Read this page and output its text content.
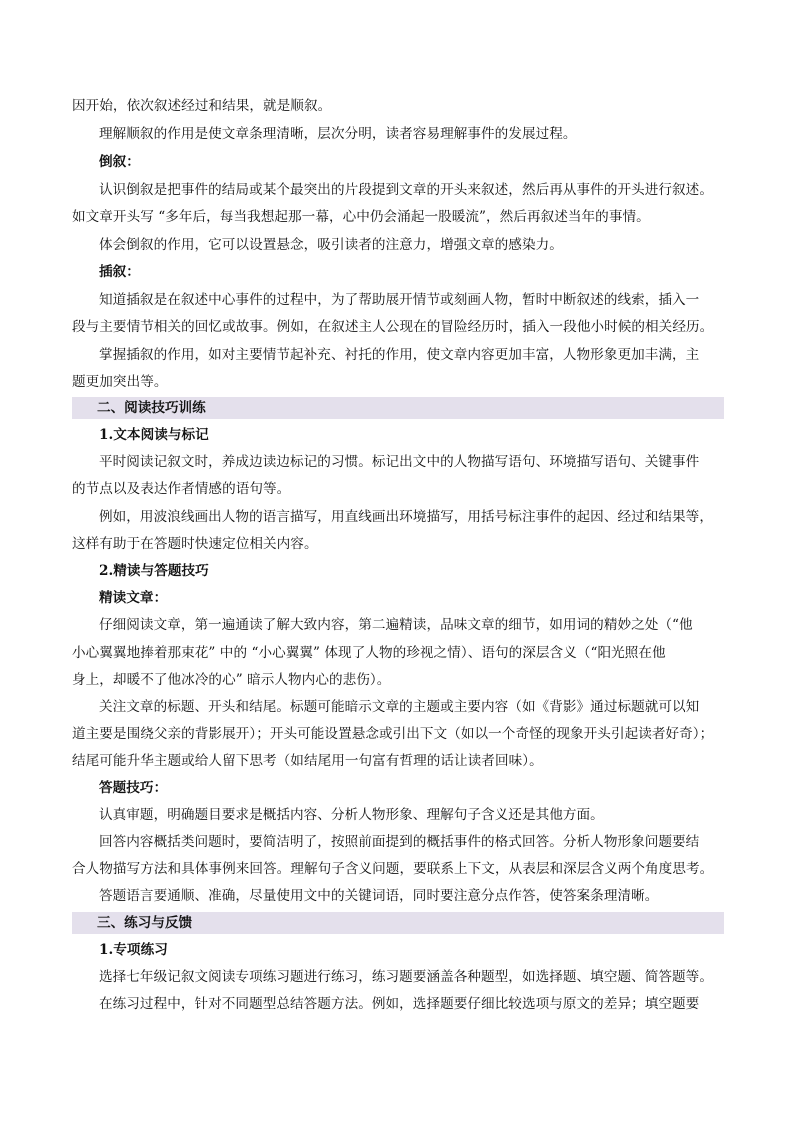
因开始，依次叙述经过和结果，就是顺叙。
理解顺叙的作用是使文章条理清晰，层次分明，读者容易理解事件的发展过程。
倒叙：
认识倒叙是把事件的结局或某个最突出的片段提到文章的开头来叙述，然后再从事件的开头进行叙述。
如文章开头写 “多年后，每当我想起那一幕，心中仍会涌起一股暖流”，然后再叙述当年的事情。
体会倒叙的作用，它可以设置悬念，吸引读者的注意力，增强文章的感染力。
插叙：
知道插叙是在叙述中心事件的过程中，为了帮助展开情节或刻画人物，暂时中断叙述的线索，插入一
段与主要情节相关的回忆或故事。例如，在叙述主人公现在的冒险经历时，插入一段他小时候的相关经历。
掌握插叙的作用，如对主要情节起补充、衬托的作用，使文章内容更加丰富，人物形象更加丰满，主
题更加突出等。
二、阅读技巧训练
1.文本阅读与标记
平时阅读记叙文时，养成边读边标记的习惯。标记出文中的人物描写语句、环境描写语句、关键事件
的节点以及表达作者情感的语句等。
例如，用波浪线画出人物的语言描写，用直线画出环境描写，用括号标注事件的起因、经过和结果等，
这样有助于在答题时快速定位相关内容。
2.精读与答题技巧
精读文章：
仔细阅读文章，第一遍通读了解大致内容，第二遍精读，品味文章的细节，如用词的精妙之处（“他
小心翼翼地捧着那束花” 中的 “小心翼翼” 体现了人物的珍视之情）、语句的深层含义（“阳光照在他
身上，却暖不了他冰冷的心” 暗示人物内心的悲伤）。
关注文章的标题、开头和结尾。标题可能暗示文章的主题或主要内容（如《背影》通过标题就可以知
道主要是围绕父亲的背影展开）；开头可能设置悬念或引出下文（如以一个奇怪的现象开头引起读者好奇）；
结尾可能升华主题或给人留下思考（如结尾用一句富有哲理的话让读者回味）。
答题技巧：
认真审题，明确题目要求是概括内容、分析人物形象、理解句子含义还是其他方面。
回答内容概括类问题时，要简洁明了，按照前面提到的概括事件的格式回答。分析人物形象问题要结
合人物描写方法和具体事例来回答。理解句子含义问题，要联系上下文，从表层和深层含义两个角度思考。
答题语言要通顺、准确，尽量使用文中的关键词语，同时要注意分点作答，使答案条理清晰。
三、练习与反馈
1.专项练习
选择七年级记叙文阅读专项练习题进行练习，练习题要涵盖各种题型，如选择题、填空题、简答题等。
在练习过程中，针对不同题型总结答题方法。例如，选择题要仔细比较选项与原文的差异；填空题要
